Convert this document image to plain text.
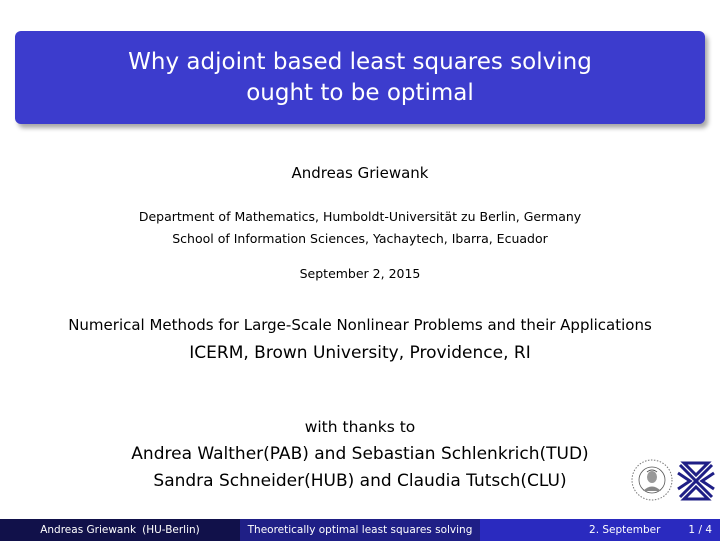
Why adjoint based least squares solving
ought to be optimal
Andreas Griewank
Department of Mathematics, Humboldt-Universität zu Berlin, Germany
School of Information Sciences, Yachaytech, Ibarra, Ecuador
September 2, 2015
Numerical Methods for Large-Scale Nonlinear Problems and their Applications
ICERM, Brown University, Providence, RI
with thanks to
Andrea Walther(PAB) and Sebastian Schlenkrich(TUD)
Sandra Schneider(HUB) and Claudia Tutsch(CLU)
Andreas Griewank (HU-Berlin)	Theoretically optimal least squares solving	2. September	1 / 4
